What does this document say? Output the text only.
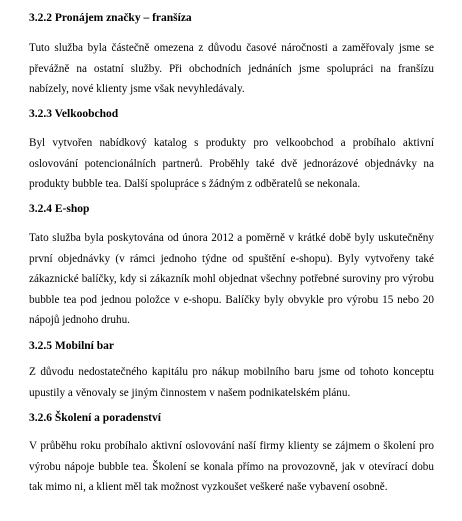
3.2.2 Pronájem značky – franšíza
Tuto služba byla částečně omezena z důvodu časové náročnosti a zaměřovaly jsme se převážně na ostatní služby. Při obchodních jednáních jsme spolupráci na franšízu nabízely, nové klienty jsme však nevyhledávaly.
3.2.3 Velkoobchod
Byl vytvořen nabídkový katalog s produkty pro velkoobchod a probíhalo aktivní oslovování potencionálních partnerů. Proběhly také dvě jednorázové objednávky na produkty bubble tea. Další spolupráce s žádným z odběratelů se nekonala.
3.2.4 E-shop
Tato služba byla poskytována od února 2012 a poměrně v krátké době byly uskutečněny první objednávky (v rámci jednoho týdne od spuštění e-shopu). Byly vytvořeny také zákaznické balíčky, kdy si zákazník mohl objednat všechny potřebné suroviny pro výrobu bubble tea pod jednou položce v e-shopu. Balíčky byly obvykle pro výrobu 15 nebo 20 nápojů jednoho druhu.
3.2.5 Mobilní bar
Z důvodu nedostatečného kapitálu pro nákup mobilního baru jsme od tohoto konceptu upustily a věnovaly se jiným činnostem v našem podnikatelském plánu.
3.2.6 Školení a poradenství
V průběhu roku probíhalo aktivní oslovování naší firmy klienty se zájmem o školení pro výrobu nápoje bubble tea. Školení se konala přímo na provozovně, jak v otevírací dobu tak mimo ni, a klient měl tak možnost vyzkoušet veškeré naše vybavení osobně.
